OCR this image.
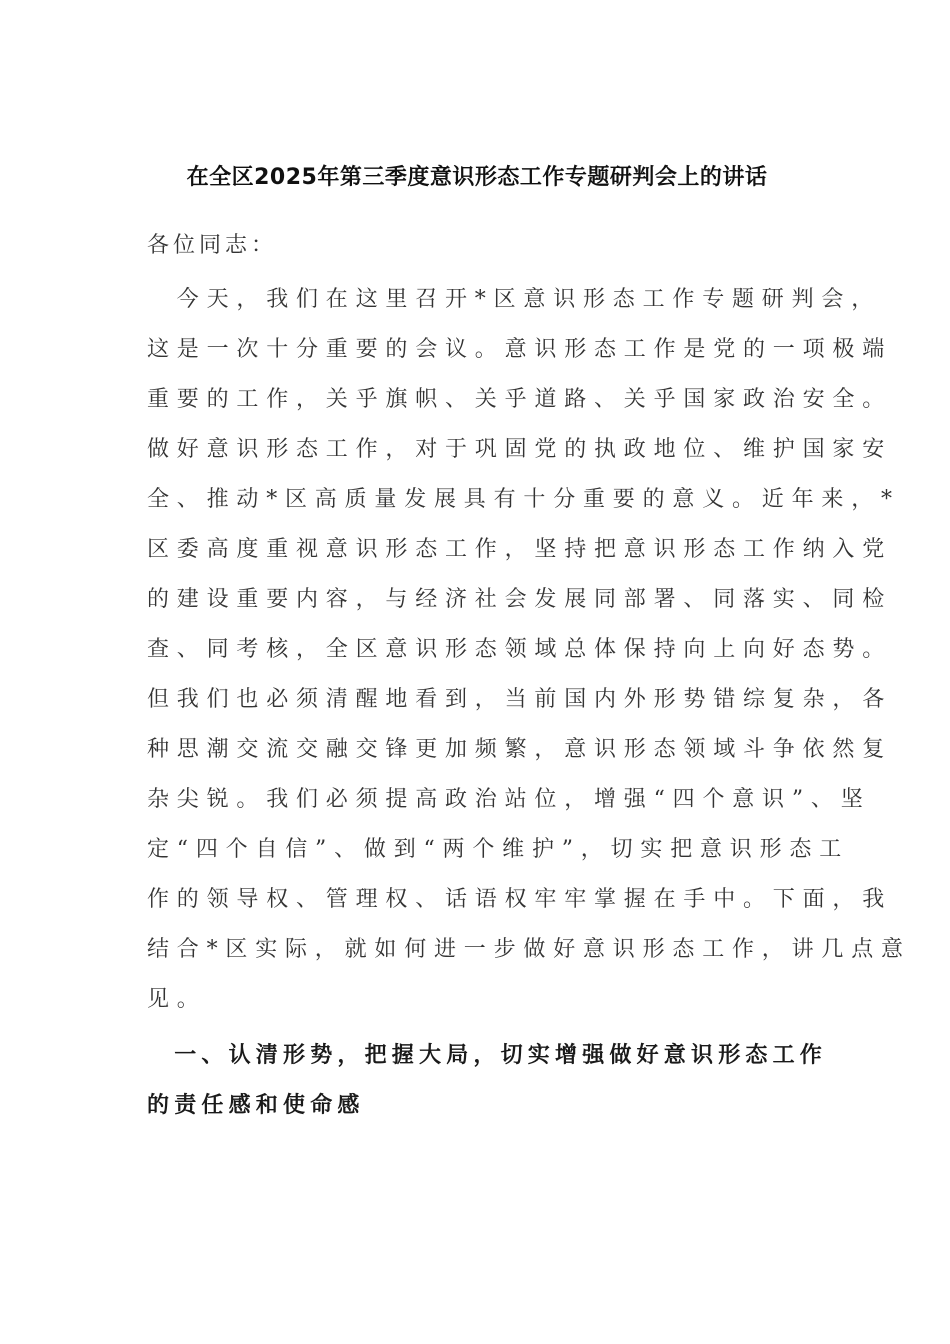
在全区2025年第三季度意识形态工作专题研判会上的讲话
各位同志：
　今天，我们在这里召开*区意识形态工作专题研判会，
这是一次十分重要的会议。意识形态工作是党的一项极端
重要的工作，关乎旗帜、关乎道路、关乎国家政治安全。
做好意识形态工作，对于巩固党的执政地位、维护国家安
全、推动*区高质量发展具有十分重要的意义。近年来，*
区委高度重视意识形态工作，坚持把意识形态工作纳入党
的建设重要内容，与经济社会发展同部署、同落实、同检
查、同考核，全区意识形态领域总体保持向上向好态势。
但我们也必须清醒地看到，当前国内外形势错综复杂，各
种思潮交流交融交锋更加频繁，意识形态领域斗争依然复
杂尖锐。我们必须提高政治站位，增强“四个意识”、坚
定“四个自信”、做到“两个维护”，切实把意识形态工
作的领导权、管理权、话语权牢牢掌握在手中。下面，我
结合*区实际，就如何进一步做好意识形态工作，讲几点意
见。
　一、认清形势，把握大局，切实增强做好意识形态工作
的责任感和使命感
